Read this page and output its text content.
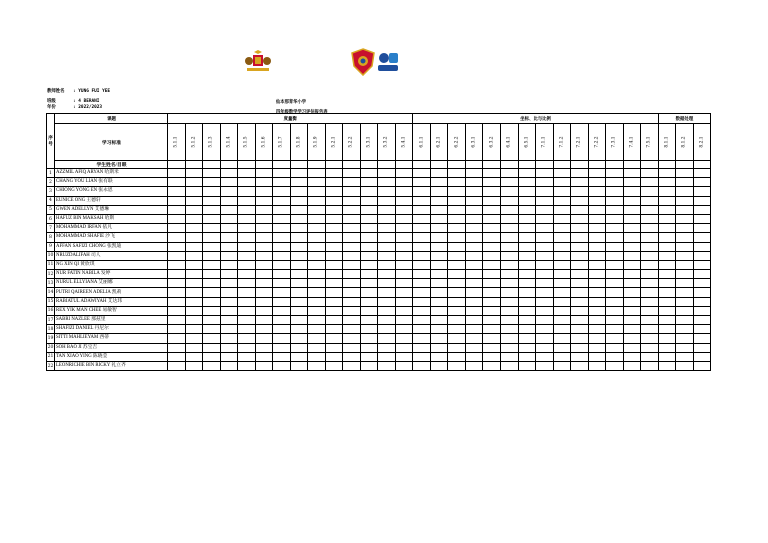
仙本那育华小学
四年级数学学习评估报告表
教师姓名 : YUNG FUI YEE
班级	: 4 BERANI
年份	: 2022/2023
序号	课题	度量衡														坐标、比与比例														数据处理		
	学习标准	5.1.1	5.1.2	5.1.3	5.1.4	5.1.5	5.1.6	5.1.7	5.1.8	5.1.9	5.2.1	5.2.2	5.3.1	5.3.2	5.4.1	6.1.1	6.2.1	6.2.2	6.3.1	6.3.2	6.4.1	6.5.1	7.1.1	7.1.2	7.2.1	7.2.2	7.3.1	7.4.1	7.5.1	8.1.1	8.1.2	8.2.1

	学生姓名/目眼																															
1	AZZMIL AFIQ ARYAN 哈斯米																															
2	CHANG YOU LIAN 张有联																															
3	CHIONG YONG EN 张永恩																															
4	EUNICE ONG 王德轩																															
5	GWEN ADELLYN 艾德琳																															
6	HAFUZ BIN MAKSAH 哈斯																															
7	MOHAMMAD IRFAN 依凡																															
8	MOHAMMAD SHAFIE 沙飞																															
9	AFFAN SAFIZI CHONG 张凯迪																															
10	NRUZDALIFAH 司人																															
11	NG XIN QI 黄欣琪																															
12	NUR FATIN NABILA 发婷																															
13	NURUL ELLYIANA 艾丽娜																															
14	PUTRI QAIREEN ADELIA 凯莉																															
15	RABIATUL ADAWIYAH 艾达玮																															
16	REX YIK MAN CHEE 易敏智																															
17	SABRI NAZLEE 那兹里																															
18	SHAFIZI DANIEL 丹尼尔																															
19	SITTI MAHLIEYAM 西蒂																															
20	SOH BAO JI 苏宝吉																															
21	TAN XIAO YING 陈晓莹																															
22	LEONRICHIE BIN RICKY 礼立齐																															
